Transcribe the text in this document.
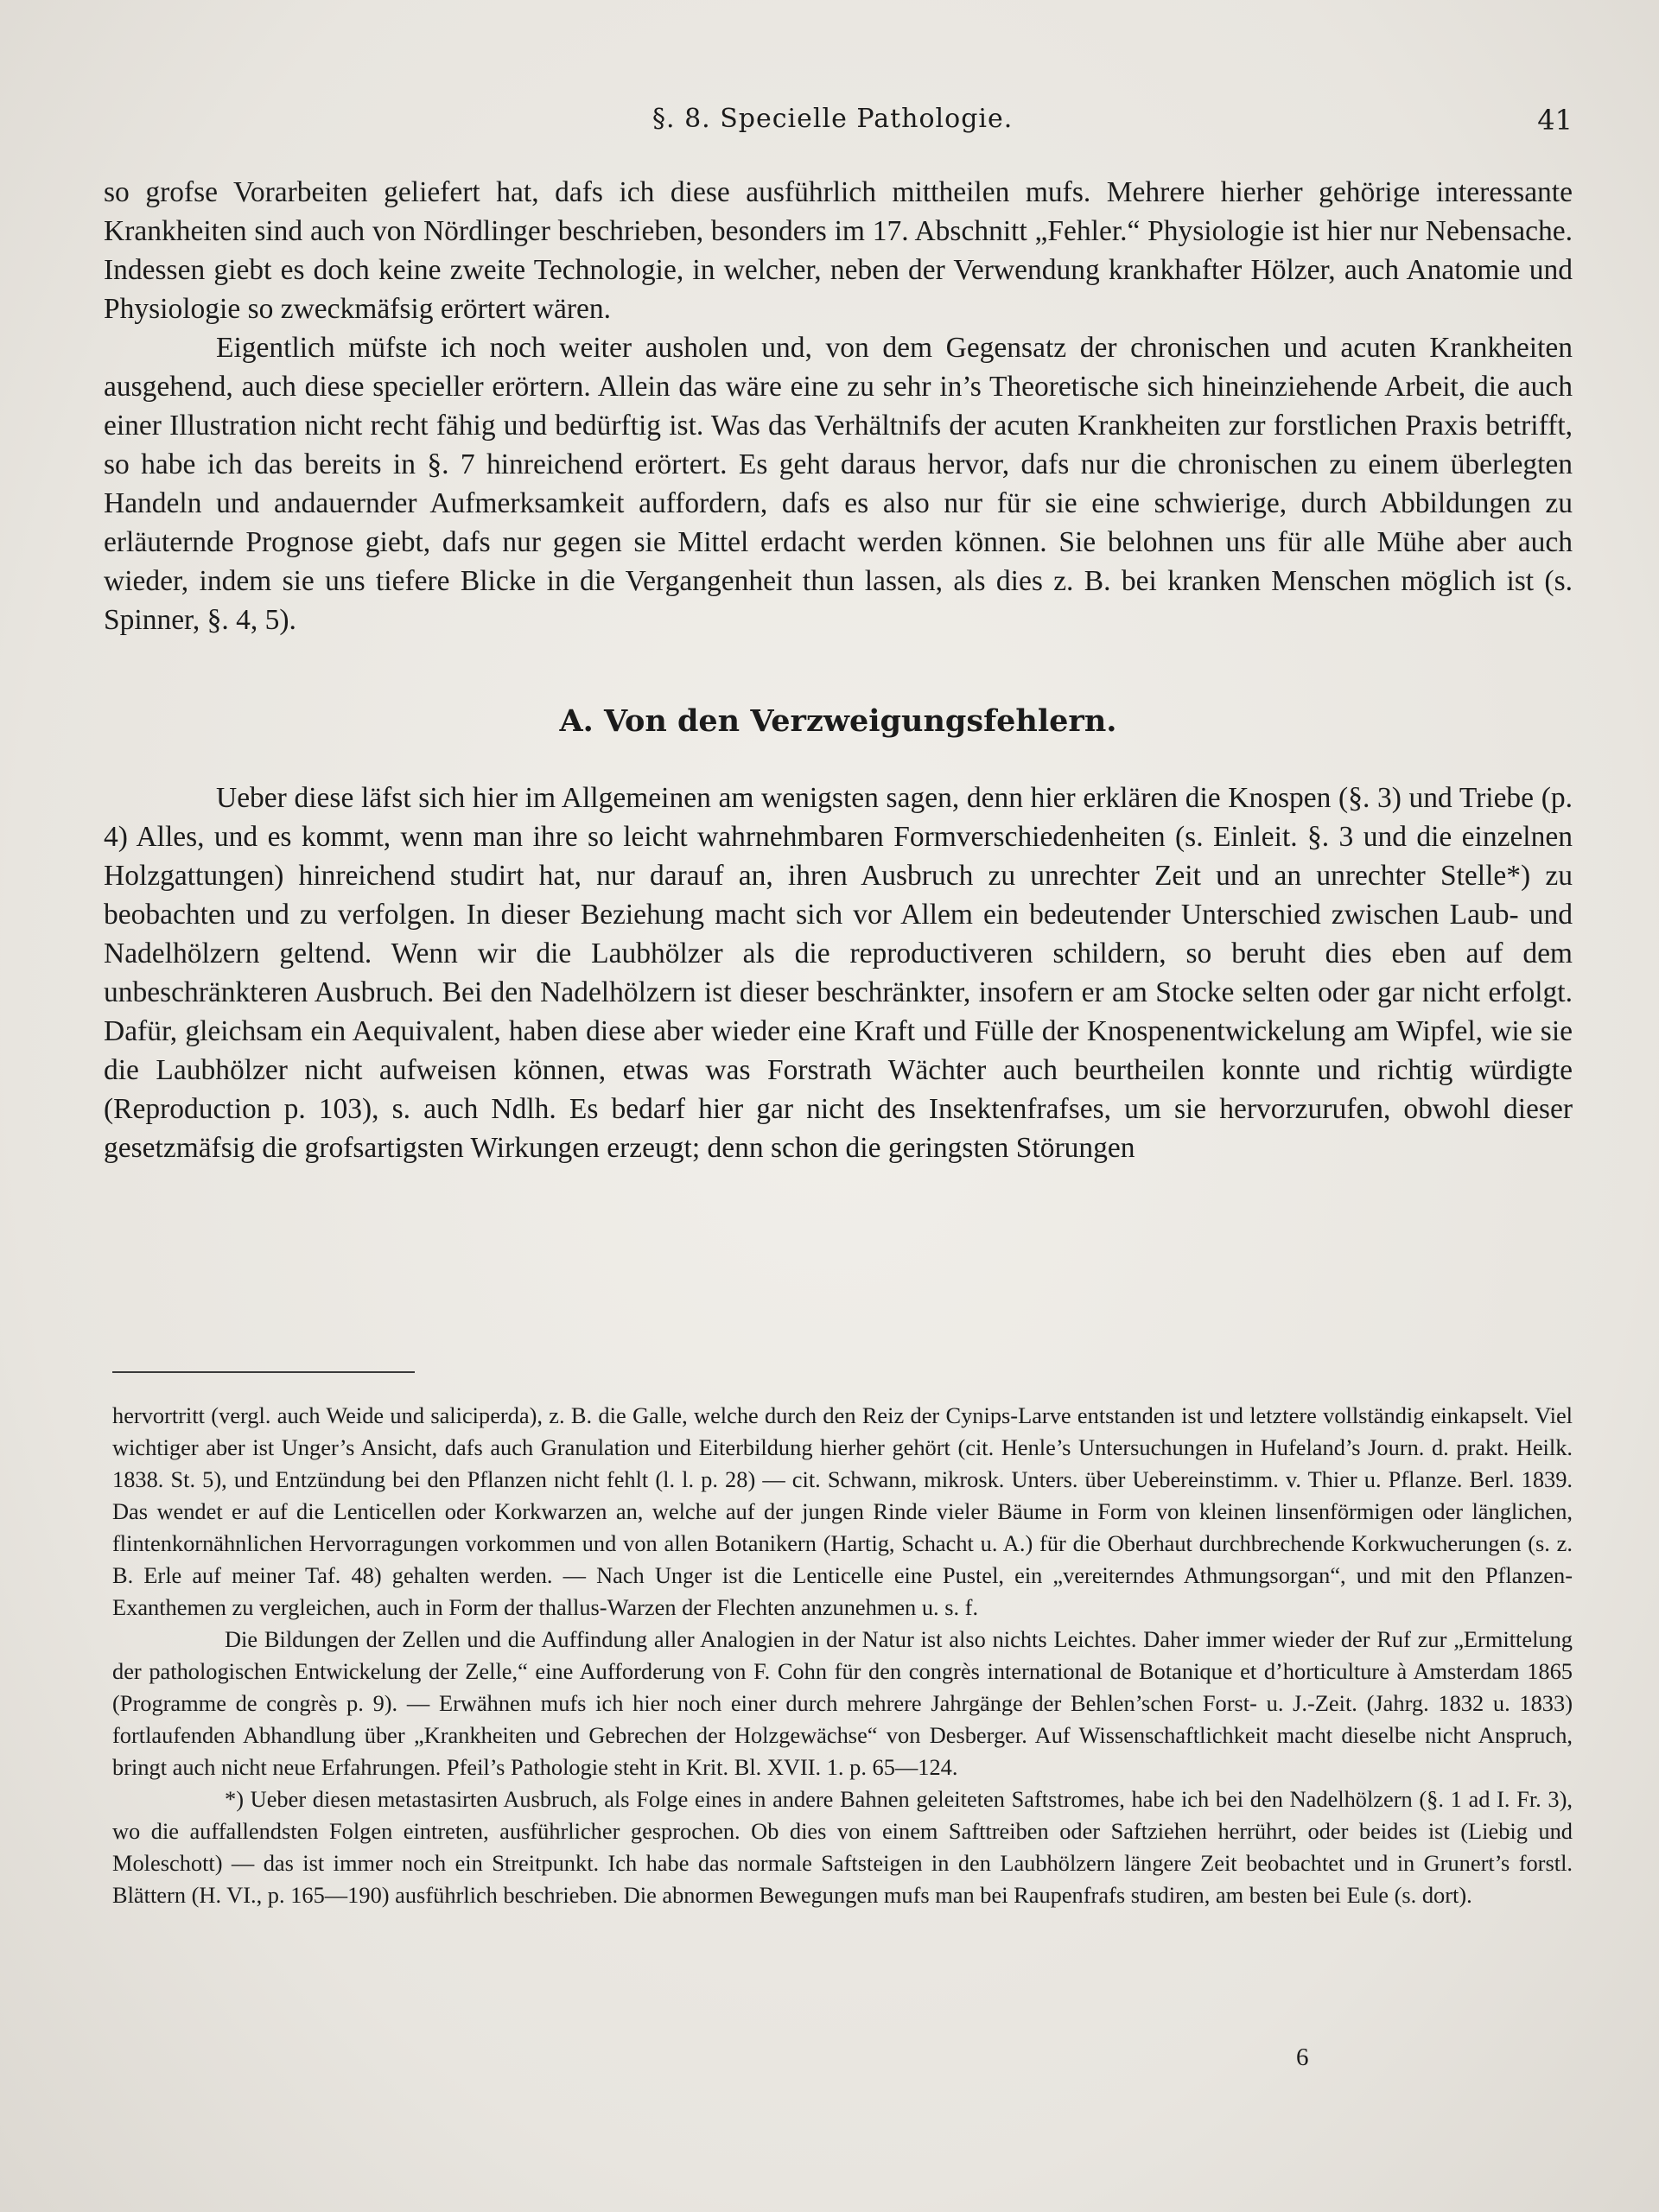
§. 8. Specielle Pathologie.	41

so grofse Vorarbeiten geliefert hat, dafs ich diese ausführlich mittheilen mufs. Mehrere hierher gehörige interessante Krankheiten sind auch von Nördlinger beschrieben, besonders im 17. Abschnitt „Fehler.“ Physiologie ist hier nur Nebensache. Indessen giebt es doch keine zweite Technologie, in welcher, neben der Verwendung krankhafter Hölzer, auch Anatomie und Physiologie so zweckmäfsig erörtert wären.

Eigentlich müfste ich noch weiter ausholen und, von dem Gegensatz der chronischen und acuten Krankheiten ausgehend, auch diese specieller erörtern. Allein das wäre eine zu sehr in’s Theoretische sich hineinziehende Arbeit, die auch einer Illustration nicht recht fähig und bedürftig ist. Was das Verhältnifs der acuten Krankheiten zur forstlichen Praxis betrifft, so habe ich das bereits in §. 7 hinreichend erörtert. Es geht daraus hervor, dafs nur die chronischen zu einem überlegten Handeln und andauernder Aufmerksamkeit auffordern, dafs es also nur für sie eine schwierige, durch Abbildungen zu erläuternde Prognose giebt, dafs nur gegen sie Mittel erdacht werden können. Sie belohnen uns für alle Mühe aber auch wieder, indem sie uns tiefere Blicke in die Vergangenheit thun lassen, als dies z. B. bei kranken Menschen möglich ist (s. Spinner, §. 4, 5).

A. Von den Verzweigungsfehlern.

Ueber diese läfst sich hier im Allgemeinen am wenigsten sagen, denn hier erklären die Knospen (§. 3) und Triebe (p. 4) Alles, und es kommt, wenn man ihre so leicht wahrnehmbaren Formverschiedenheiten (s. Einleit. §. 3 und die einzelnen Holzgattungen) hinreichend studirt hat, nur darauf an, ihren Ausbruch zu unrechter Zeit und an unrechter Stelle*) zu beobachten und zu verfolgen. In dieser Beziehung macht sich vor Allem ein bedeutender Unterschied zwischen Laub- und Nadelhölzern geltend. Wenn wir die Laubhölzer als die reproductiveren schildern, so beruht dies eben auf dem unbeschränkteren Ausbruch. Bei den Nadelhölzern ist dieser beschränkter, insofern er am Stocke selten oder gar nicht erfolgt. Dafür, gleichsam ein Aequivalent, haben diese aber wieder eine Kraft und Fülle der Knospenentwickelung am Wipfel, wie sie die Laubhölzer nicht aufweisen können, etwas was Forstrath Wächter auch beurtheilen konnte und richtig würdigte (Reproduction p. 103), s. auch Ndlh. Es bedarf hier gar nicht des Insektenfrafses, um sie hervorzurufen, obwohl dieser gesetzmäfsig die grofsartigsten Wirkungen erzeugt; denn schon die geringsten Störungen

hervortritt (vergl. auch Weide und saliciperda), z. B. die Galle, welche durch den Reiz der Cynips-Larve entstanden ist und letztere vollständig einkapselt. Viel wichtiger aber ist Unger’s Ansicht, dafs auch Granulation und Eiterbildung hierher gehört (cit. Henle’s Untersuchungen in Hufeland’s Journ. d. prakt. Heilk. 1838. St. 5), und Entzündung bei den Pflanzen nicht fehlt (l. l. p. 28) — cit. Schwann, mikrosk. Unters. über Uebereinstimm. v. Thier u. Pflanze. Berl. 1839. Das wendet er auf die Lenticellen oder Korkwarzen an, welche auf der jungen Rinde vieler Bäume in Form von kleinen linsenförmigen oder länglichen, flintenkornähnlichen Hervorragungen vorkommen und von allen Botanikern (Hartig, Schacht u. A.) für die Oberhaut durchbrechende Korkwucherungen (s. z. B. Erle auf meiner Taf. 48) gehalten werden. — Nach Unger ist die Lenticelle eine Pustel, ein „vereiterndes Athmungsorgan“, und mit den Pflanzen-Exanthemen zu vergleichen, auch in Form der thallus-Warzen der Flechten anzunehmen u. s. f.

Die Bildungen der Zellen und die Auffindung aller Analogien in der Natur ist also nichts Leichtes. Daher immer wieder der Ruf zur „Ermittelung der pathologischen Entwickelung der Zelle,“ eine Aufforderung von F. Cohn für den congrès international de Botanique et d’horticulture à Amsterdam 1865 (Programme de congrès p. 9). — Erwähnen mufs ich hier noch einer durch mehrere Jahrgänge der Behlen’schen Forst- u. J.-Zeit. (Jahrg. 1832 u. 1833) fortlaufenden Abhandlung über „Krankheiten und Gebrechen der Holzgewächse“ von Desberger. Auf Wissenschaftlichkeit macht dieselbe nicht Anspruch, bringt auch nicht neue Erfahrungen. Pfeil’s Pathologie steht in Krit. Bl. XVII. 1. p. 65—124.

*) Ueber diesen metastasirten Ausbruch, als Folge eines in andere Bahnen geleiteten Saftstromes, habe ich bei den Nadelhölzern (§. 1 ad I. Fr. 3), wo die auffallendsten Folgen eintreten, ausführlicher gesprochen. Ob dies von einem Safttreiben oder Saftziehen herrührt, oder beides ist (Liebig und Moleschott) — das ist immer noch ein Streitpunkt. Ich habe das normale Saftsteigen in den Laubhölzern längere Zeit beobachtet und in Grunert’s forstl. Blättern (H. VI., p. 165—190) ausführlich beschrieben. Die abnormen Bewegungen mufs man bei Raupenfrafs studiren, am besten bei Eule (s. dort).

6
